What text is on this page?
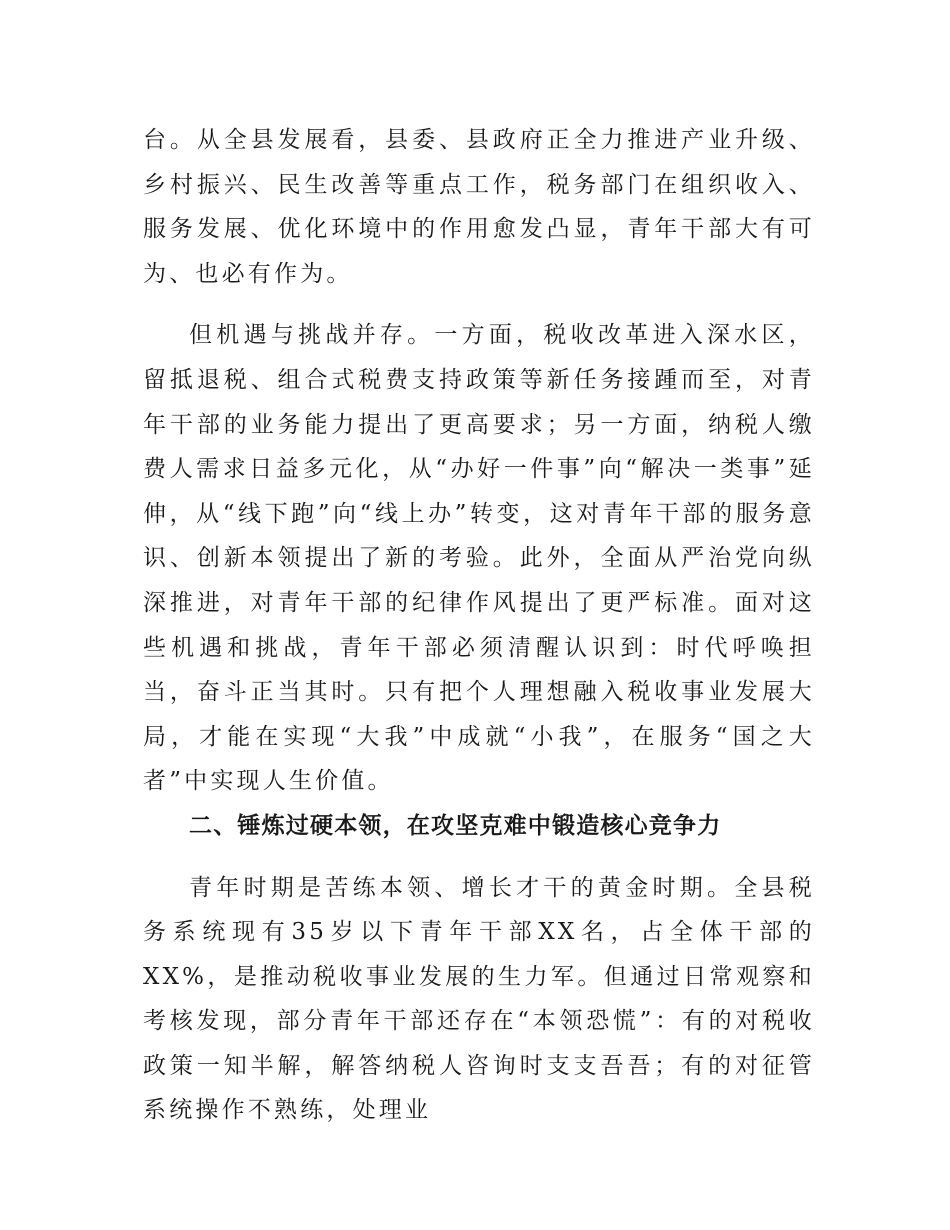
台。从全县发展看，县委、县政府正全力推进产业升级、乡村振兴、民生改善等重点工作，税务部门在组织收入、服务发展、优化环境中的作用愈发凸显，青年干部大有可为、也必有作为。

但机遇与挑战并存。一方面，税收改革进入深水区，留抵退税、组合式税费支持政策等新任务接踵而至，对青年干部的业务能力提出了更高要求；另一方面，纳税人缴费人需求日益多元化，从“办好一件事”向“解决一类事”延伸，从“线下跑”向“线上办”转变，这对青年干部的服务意识、创新本领提出了新的考验。此外，全面从严治党向纵深推进，对青年干部的纪律作风提出了更严标准。面对这些机遇和挑战，青年干部必须清醒认识到：时代呼唤担当，奋斗正当其时。只有把个人理想融入税收事业发展大局，才能在实现“大我”中成就“小我”，在服务“国之大者”中实现人生价值。

二、锤炼过硬本领，在攻坚克难中锻造核心竞争力

青年时期是苦练本领、增长才干的黄金时期。全县税务系统现有35岁以下青年干部XX名，占全体干部的XX%，是推动税收事业发展的生力军。但通过日常观察和考核发现，部分青年干部还存在“本领恐慌”：有的对税收政策一知半解，解答纳税人咨询时支支吾吾；有的对征管系统操作不熟练，处理业
